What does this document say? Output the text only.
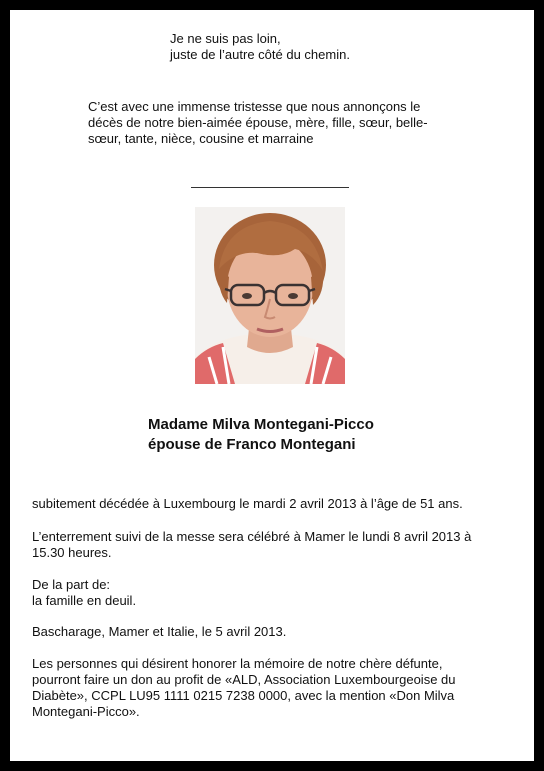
Je ne suis pas loin,
juste de l’autre côté du chemin.
C’est avec une immense tristesse que nous annonçons le
décès de notre bien-aimée épouse, mère, fille, sœur, belle-
sœur, tante, nièce, cousine et marraine
Madame Milva Montegani-Picco
épouse de Franco Montegani
subitement décédée à Luxembourg le mardi 2 avril 2013 à l’âge de 51 ans.
L’enterrement suivi de la messe sera célébré à Mamer le lundi 8 avril 2013 à
15.30 heures.
De la part de:
la famille en deuil.
Bascharage, Mamer et Italie, le 5 avril 2013.
Les personnes qui désirent honorer la mémoire de notre chère défunte,
pourront faire un don au profit de «ALD, Association Luxembourgeoise du
Diabète», CCPL LU95 1111 0215 7238 0000, avec la mention «Don Milva
Montegani-Picco».
